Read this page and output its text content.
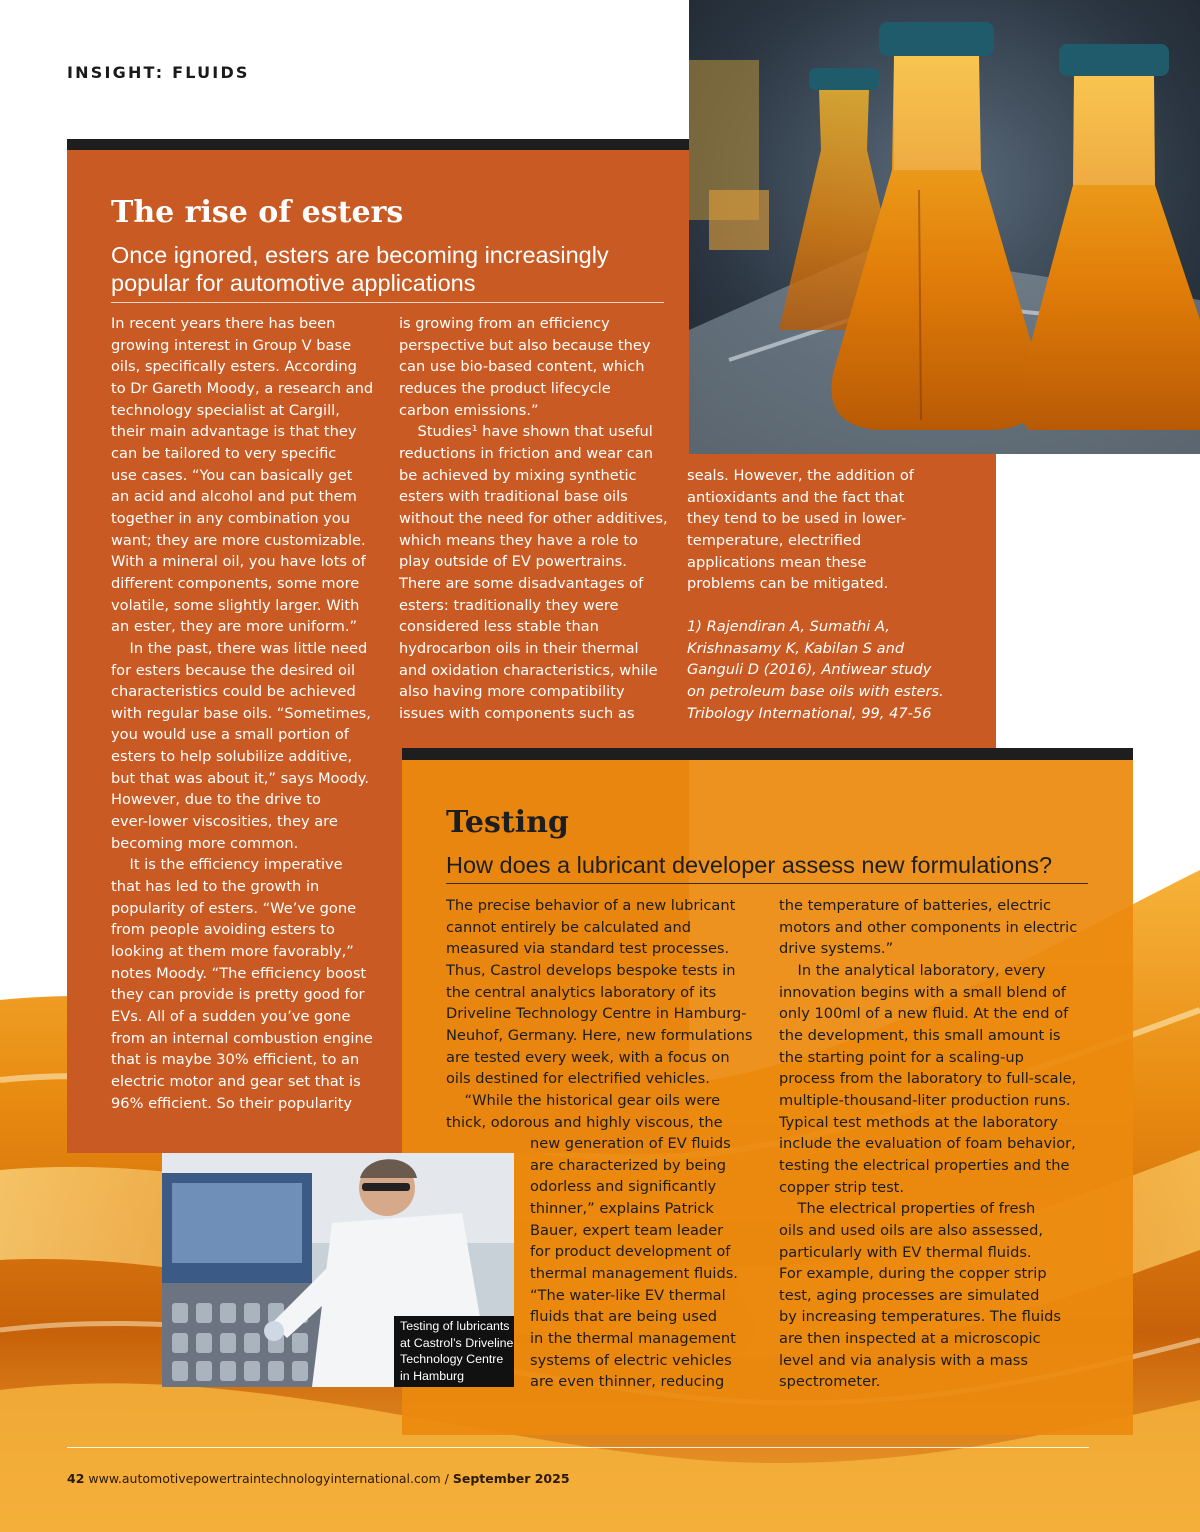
INSIGHT: FLUIDS
The rise of esters
Once ignored, esters are becoming increasingly
popular for automotive applications
In recent years there has been
growing interest in Group V base
oils, specifically esters. According
to Dr Gareth Moody, a research and
technology specialist at Cargill,
their main advantage is that they
can be tailored to very specific
use cases. “You can basically get
an acid and alcohol and put them
together in any combination you
want; they are more customizable.
With a mineral oil, you have lots of
different components, some more
volatile, some slightly larger. With
an ester, they are more uniform.”
In the past, there was little need
for esters because the desired oil
characteristics could be achieved
with regular base oils. “Sometimes,
you would use a small portion of
esters to help solubilize additive,
but that was about it,” says Moody.
However, due to the drive to
ever-lower viscosities, they are
becoming more common.
It is the efficiency imperative
that has led to the growth in
popularity of esters. “We’ve gone
from people avoiding esters to
looking at them more favorably,”
notes Moody. “The efficiency boost
they can provide is pretty good for
EVs. All of a sudden you’ve gone
from an internal combustion engine
that is maybe 30% efficient, to an
electric motor and gear set that is
96% efficient. So their popularity
is growing from an efficiency
perspective but also because they
can use bio-based content, which
reduces the product lifecycle
carbon emissions.”
Studies¹ have shown that useful
reductions in friction and wear can
be achieved by mixing synthetic
esters with traditional base oils
without the need for other additives,
which means they have a role to
play outside of EV powertrains.
There are some disadvantages of
esters: traditionally they were
considered less stable than
hydrocarbon oils in their thermal
and oxidation characteristics, while
also having more compatibility
issues with components such as
seals. However, the addition of
antioxidants and the fact that
they tend to be used in lower-
temperature, electrified
applications mean these
problems can be mitigated.
1) Rajendiran A, Sumathi A,
Krishnasamy K, Kabilan S and
Ganguli D (2016), Antiwear study
on petroleum base oils with esters.
Tribology International, 99, 47-56
Testing
How does a lubricant developer assess new formulations?
The precise behavior of a new lubricant
cannot entirely be calculated and
measured via standard test processes.
Thus, Castrol develops bespoke tests in
the central analytics laboratory of its
Driveline Technology Centre in Hamburg-
Neuhof, Germany. Here, new formulations
are tested every week, with a focus on
oils destined for electrified vehicles.
“While the historical gear oils were
thick, odorous and highly viscous, the
new generation of EV fluids
are characterized by being
odorless and significantly
thinner,” explains Patrick
Bauer, expert team leader
for product development of
thermal management fluids.
“The water-like EV thermal
fluids that are being used
in the thermal management
systems of electric vehicles
are even thinner, reducing
the temperature of batteries, electric
motors and other components in electric
drive systems.”
In the analytical laboratory, every
innovation begins with a small blend of
only 100ml of a new fluid. At the end of
the development, this small amount is
the starting point for a scaling-up
process from the laboratory to full-scale,
multiple-thousand-liter production runs.
Typical test methods at the laboratory
include the evaluation of foam behavior,
testing the electrical properties and the
copper strip test.
The electrical properties of fresh
oils and used oils are also assessed,
particularly with EV thermal fluids.
For example, during the copper strip
test, aging processes are simulated
by increasing temperatures. The fluids
are then inspected at a microscopic
level and via analysis with a mass
spectrometer.
Testing of lubricants
at Castrol’s Driveline
Technology Centre
in Hamburg
42 www.automotivepowertraintechnologyinternational.com / September 2025
